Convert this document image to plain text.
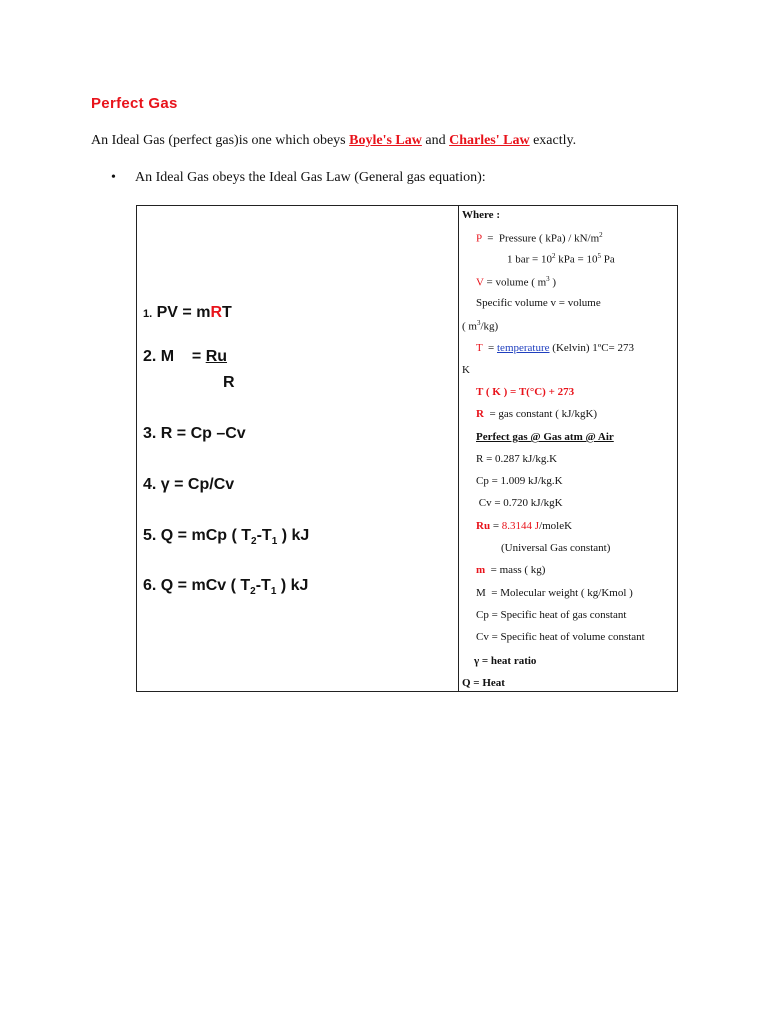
Perfect Gas
An Ideal Gas (perfect gas)is one which obeys Boyle's Law and Charles' Law exactly.
• An Ideal Gas obeys the Ideal Gas Law (General gas equation):
1. PV = mRT
2. M    = Ru
R
3. R = Cp –Cv
4. γ = Cp/Cv
5. Q = mCp ( $T_2-T_1$ ) kJ
6. Q = mCv ( $T_2-T_1$ ) kJ
Where :
P  =  Pressure ( $kPa) / kN/m^2$
1 bar = $10^2$ kPa = $10^5$ Pa
V = volume ( $m^3$ )
Specific volume v = volume
( $m^3/kg$)
T  = temperature (Kelvin) 1ºC= 273
K
T ( K ) = T(°C) + 273
R  = gas constant ( kJ/kgK)
Perfect gas @ Gas atm @ Air
R = 0.287 kJ/kg.K
Cp = 1.009 kJ/kg.K
Cv = 0.720 kJ/kgK
Ru = 8.3144 J/moleK
(Universal Gas constant)
m  = mass ( kg)
M  = Molecular weight ( kg/Kmol )
Cp = Specific heat of gas constant
Cv = Specific heat of volume constant
γ = heat ratio
Q = Heat
